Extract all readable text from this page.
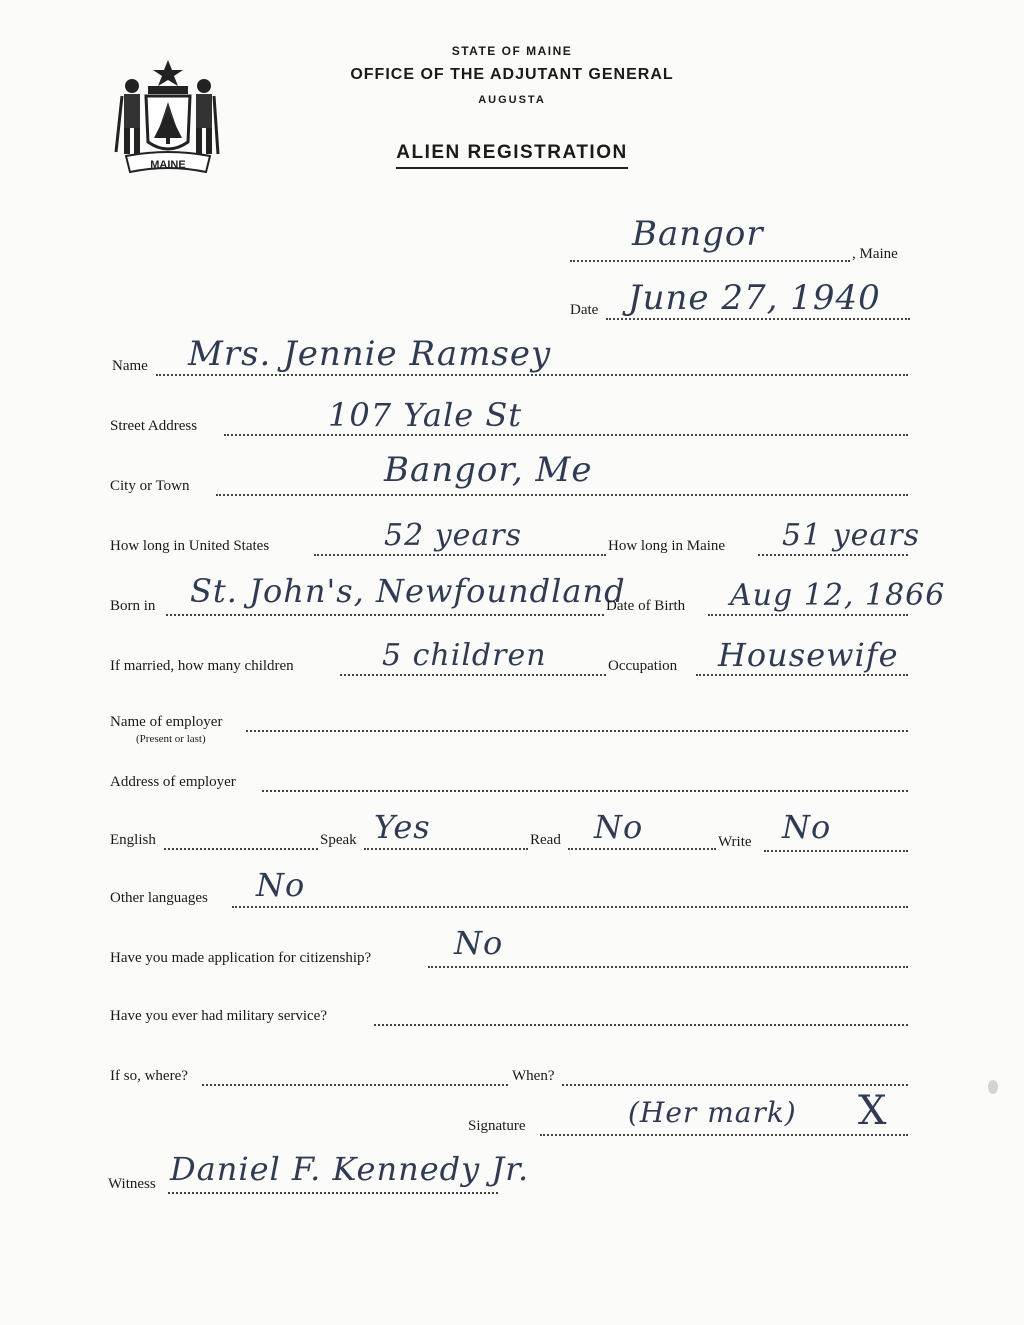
MAINE
STATE OF MAINE
OFFICE OF THE ADJUTANT GENERAL
AUGUSTA
ALIEN REGISTRATION
Bangor	, Maine
Date June 27, 1940
Name Mrs. Jennie Ramsey
Street Address	107 Yale St
City or Town	Bangor, Me
How long in United States	52 years	How long in Maine 51 years
Born in St. John's, Newfoundland
Date of Birth Aug 12, 1866
If married, how many children	5 children	Occupation Housewife
Name of employer
(Present or last)
Address of employer
English	Speak Yes	Read No	Write No
Other languages No
Have you made application for citizenship?	No
Have you ever had military service?
If so, where?	When?
Signature	(Her mark) X
Witness Daniel F. Kennedy Jr.
